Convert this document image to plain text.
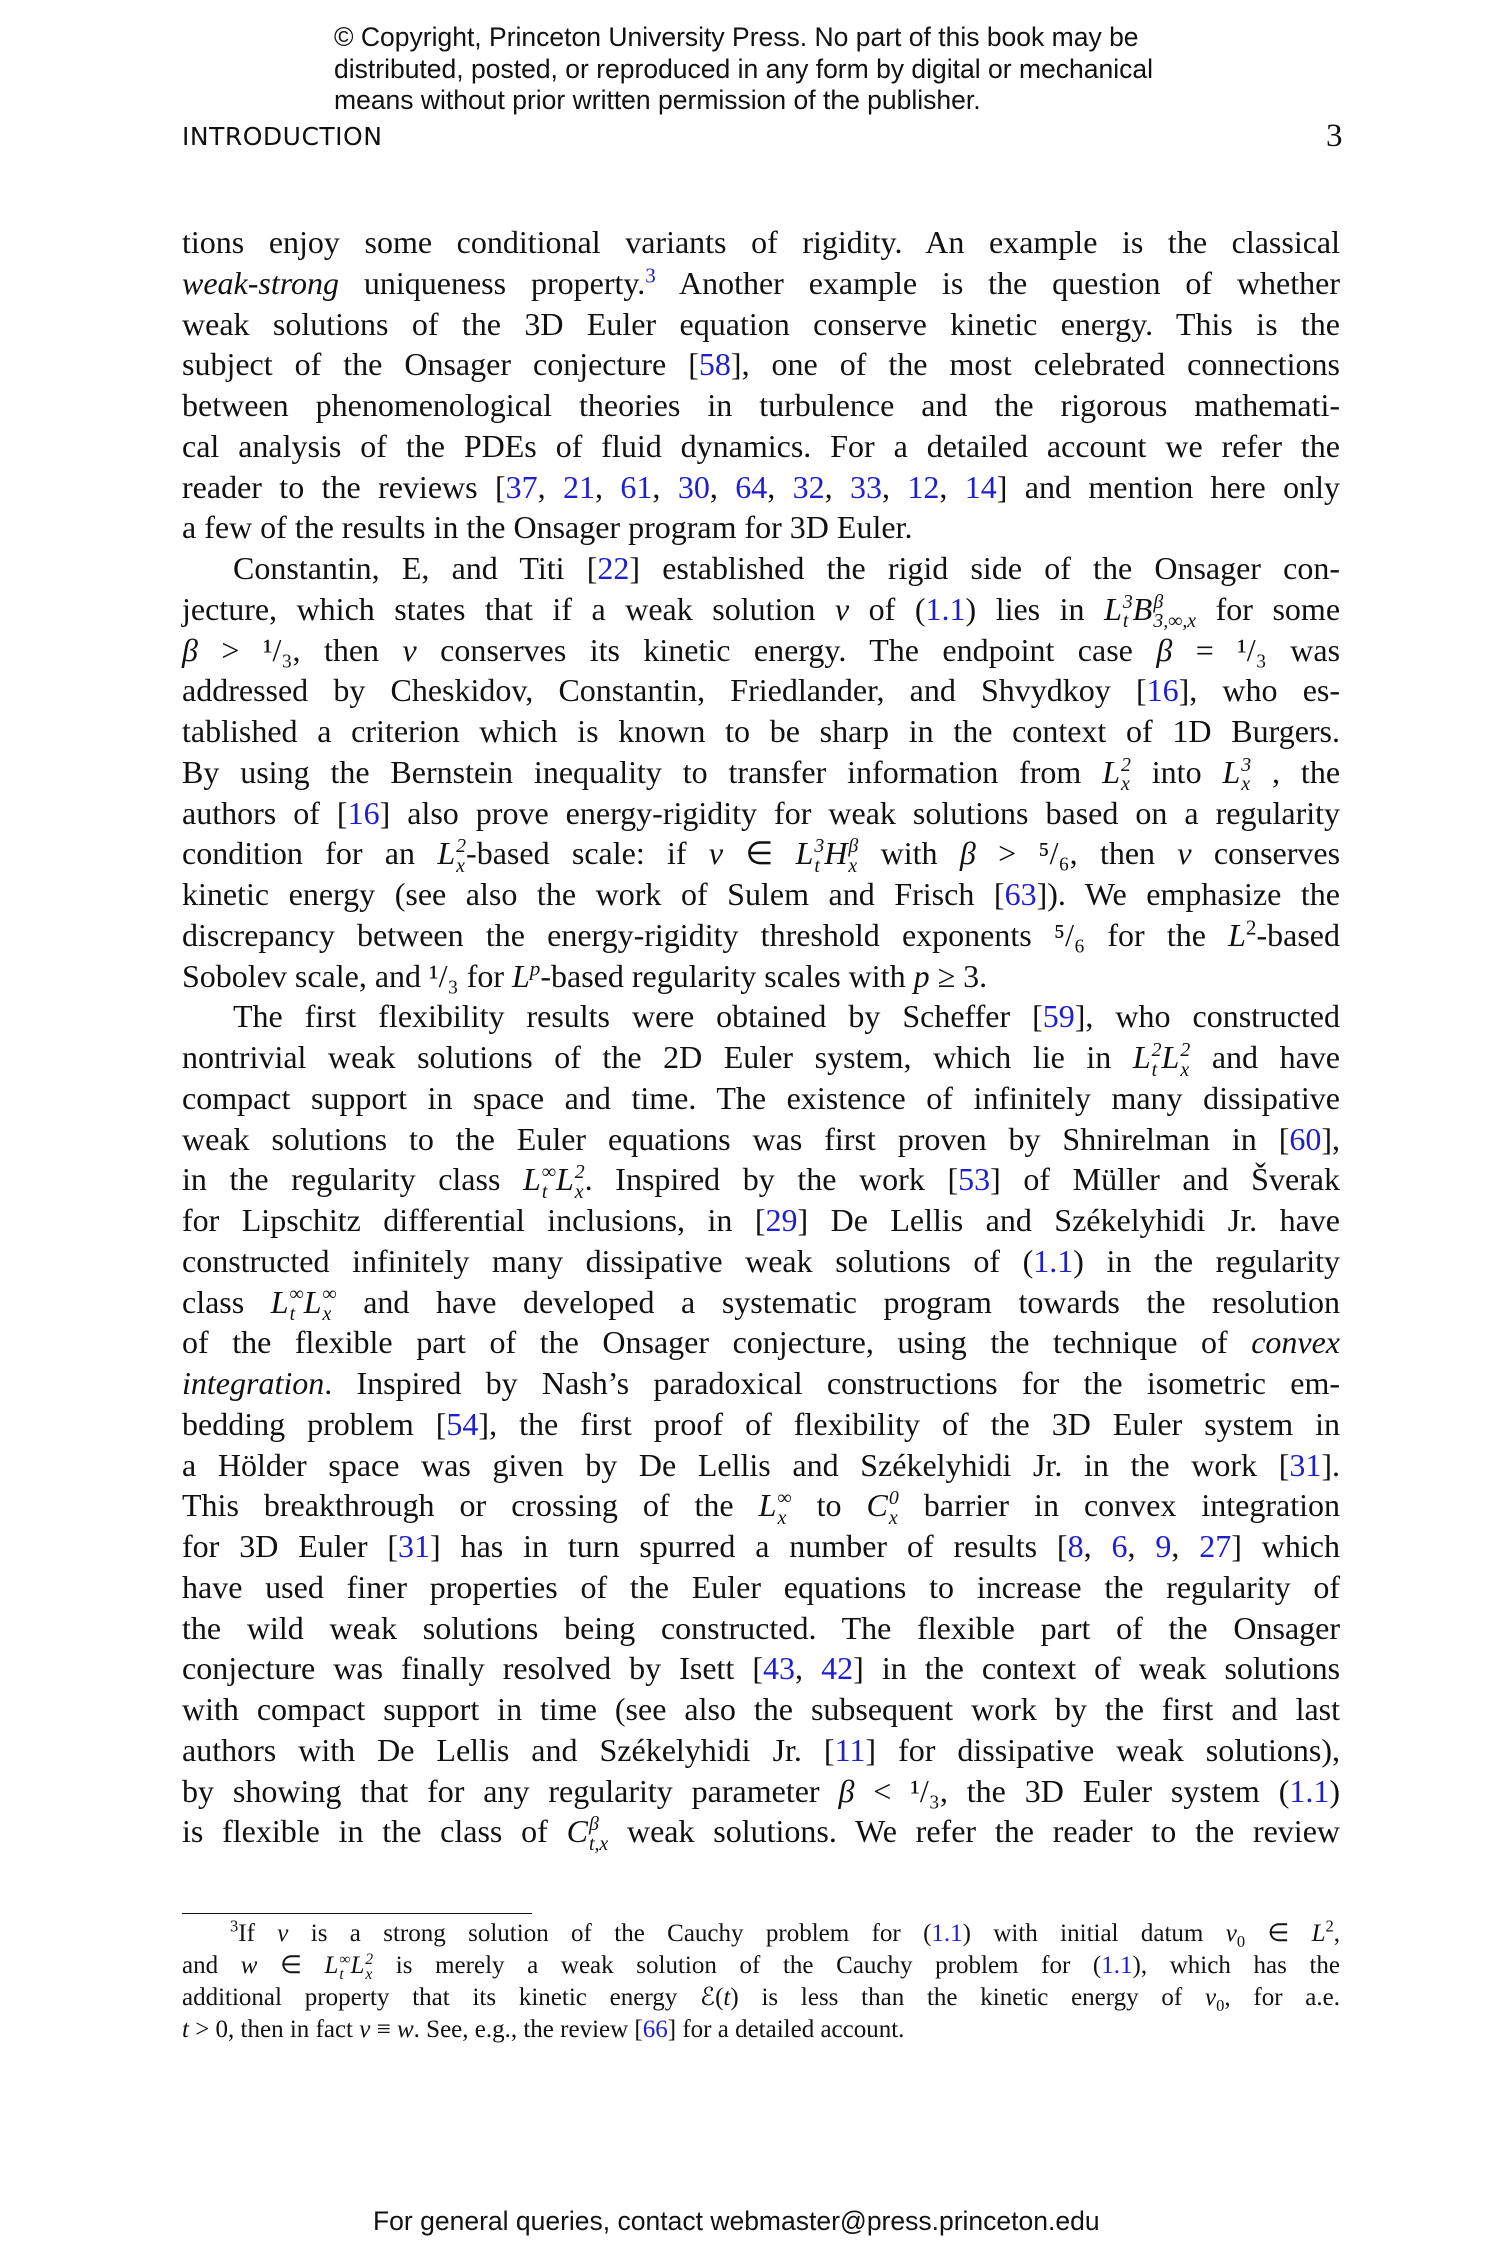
© Copyright, Princeton University Press. No part of this book may be
distributed, posted, or reproduced in any form by digital or mechanical
means without prior written permission of the publisher.
INTRODUCTION	3
tions enjoy some conditional variants of rigidity. An example is the classical
weak-strong uniqueness property.$^3$ Another example is the question of whether
weak solutions of the 3D Euler equation conserve kinetic energy. This is the
subject of the Onsager conjecture [58], one of the most celebrated connections
between phenomenological theories in turbulence and the rigorous mathemati-
cal analysis of the PDEs of fluid dynamics. For a detailed account we refer the
reader to the reviews [37, 21, 61, 30, 64, 32, 33, 12, 14] and mention here only
a few of the results in the Onsager program for 3D Euler.
Constantin, E, and Titi [22] established the rigid side of the Onsager con-
jecture, which states that if a weak solution v of (1.1) lies in L 3
t B β
3,∞,x for some
β > ¹/₃, then v conserves its kinetic energy. The endpoint case β = ¹/₃ was
addressed by Cheskidov, Constantin, Friedlander, and Shvydkoy [16], who es-
tablished a criterion which is known to be sharp in the context of 1D Burgers.
By using the Bernstein inequality to transfer information from L 2
x into L 3
x , the
authors of [16] also prove energy-rigidity for weak solutions based on a regularity
condition for an L 2
x -based scale: if v ∈ L 3
t H β
x with β > ⁵/₆, then v conserves
kinetic energy (see also the work of Sulem and Frisch [63]). We emphasize the
discrepancy between the energy-rigidity threshold exponents ⁵/₆ for the $L^2$-based
Sobolev scale, and ¹/₃ for $L^p$-based regularity scales with p ≥ 3.
The first flexibility results were obtained by Scheffer [59], who constructed
nontrivial weak solutions of the 2D Euler system, which lie in L 2
t L 2
x and have
compact support in space and time. The existence of infinitely many dissipative
weak solutions to the Euler equations was first proven by Shnirelman in [60],
in the regularity class L ∞
t L 2
x . Inspired by the work [53] of Müller and Šverak
for Lipschitz differential inclusions, in [29] De Lellis and Székelyhidi Jr. have
constructed infinitely many dissipative weak solutions of (1.1) in the regularity
class L ∞
t L ∞
x and have developed a systematic program towards the resolution
of the flexible part of the Onsager conjecture, using the technique of convex
integration. Inspired by Nash’s paradoxical constructions for the isometric em-
bedding problem [54], the first proof of flexibility of the 3D Euler system in
a Hölder space was given by De Lellis and Székelyhidi Jr. in the work [31].
This breakthrough or crossing of the L ∞
x to C 0
x barrier in convex integration
for 3D Euler [31] has in turn spurred a number of results [8, 6, 9, 27] which
have used finer properties of the Euler equations to increase the regularity of
the wild weak solutions being constructed. The flexible part of the Onsager
conjecture was finally resolved by Isett [43, 42] in the context of weak solutions
with compact support in time (see also the subsequent work by the first and last
authors with De Lellis and Székelyhidi Jr. [11] for dissipative weak solutions),
by showing that for any regularity parameter β < ¹/₃, the 3D Euler system (1.1)
is flexible in the class of C β
t,x weak solutions. We refer the reader to the review
$^3$If v is a strong solution of the Cauchy problem for (1.1) with initial datum $v_0$ ∈ $L^2$,
and w ∈ L ∞
t L 2
x is merely a weak solution of the Cauchy problem for (1.1), which has the
additional property that its kinetic energy ℰ(t) is less than the kinetic energy of $v_0$, for a.e.
t > 0, then in fact v ≡ w. See, e.g., the review [66] for a detailed account.
For general queries, contact webmaster@press.princeton.edu
